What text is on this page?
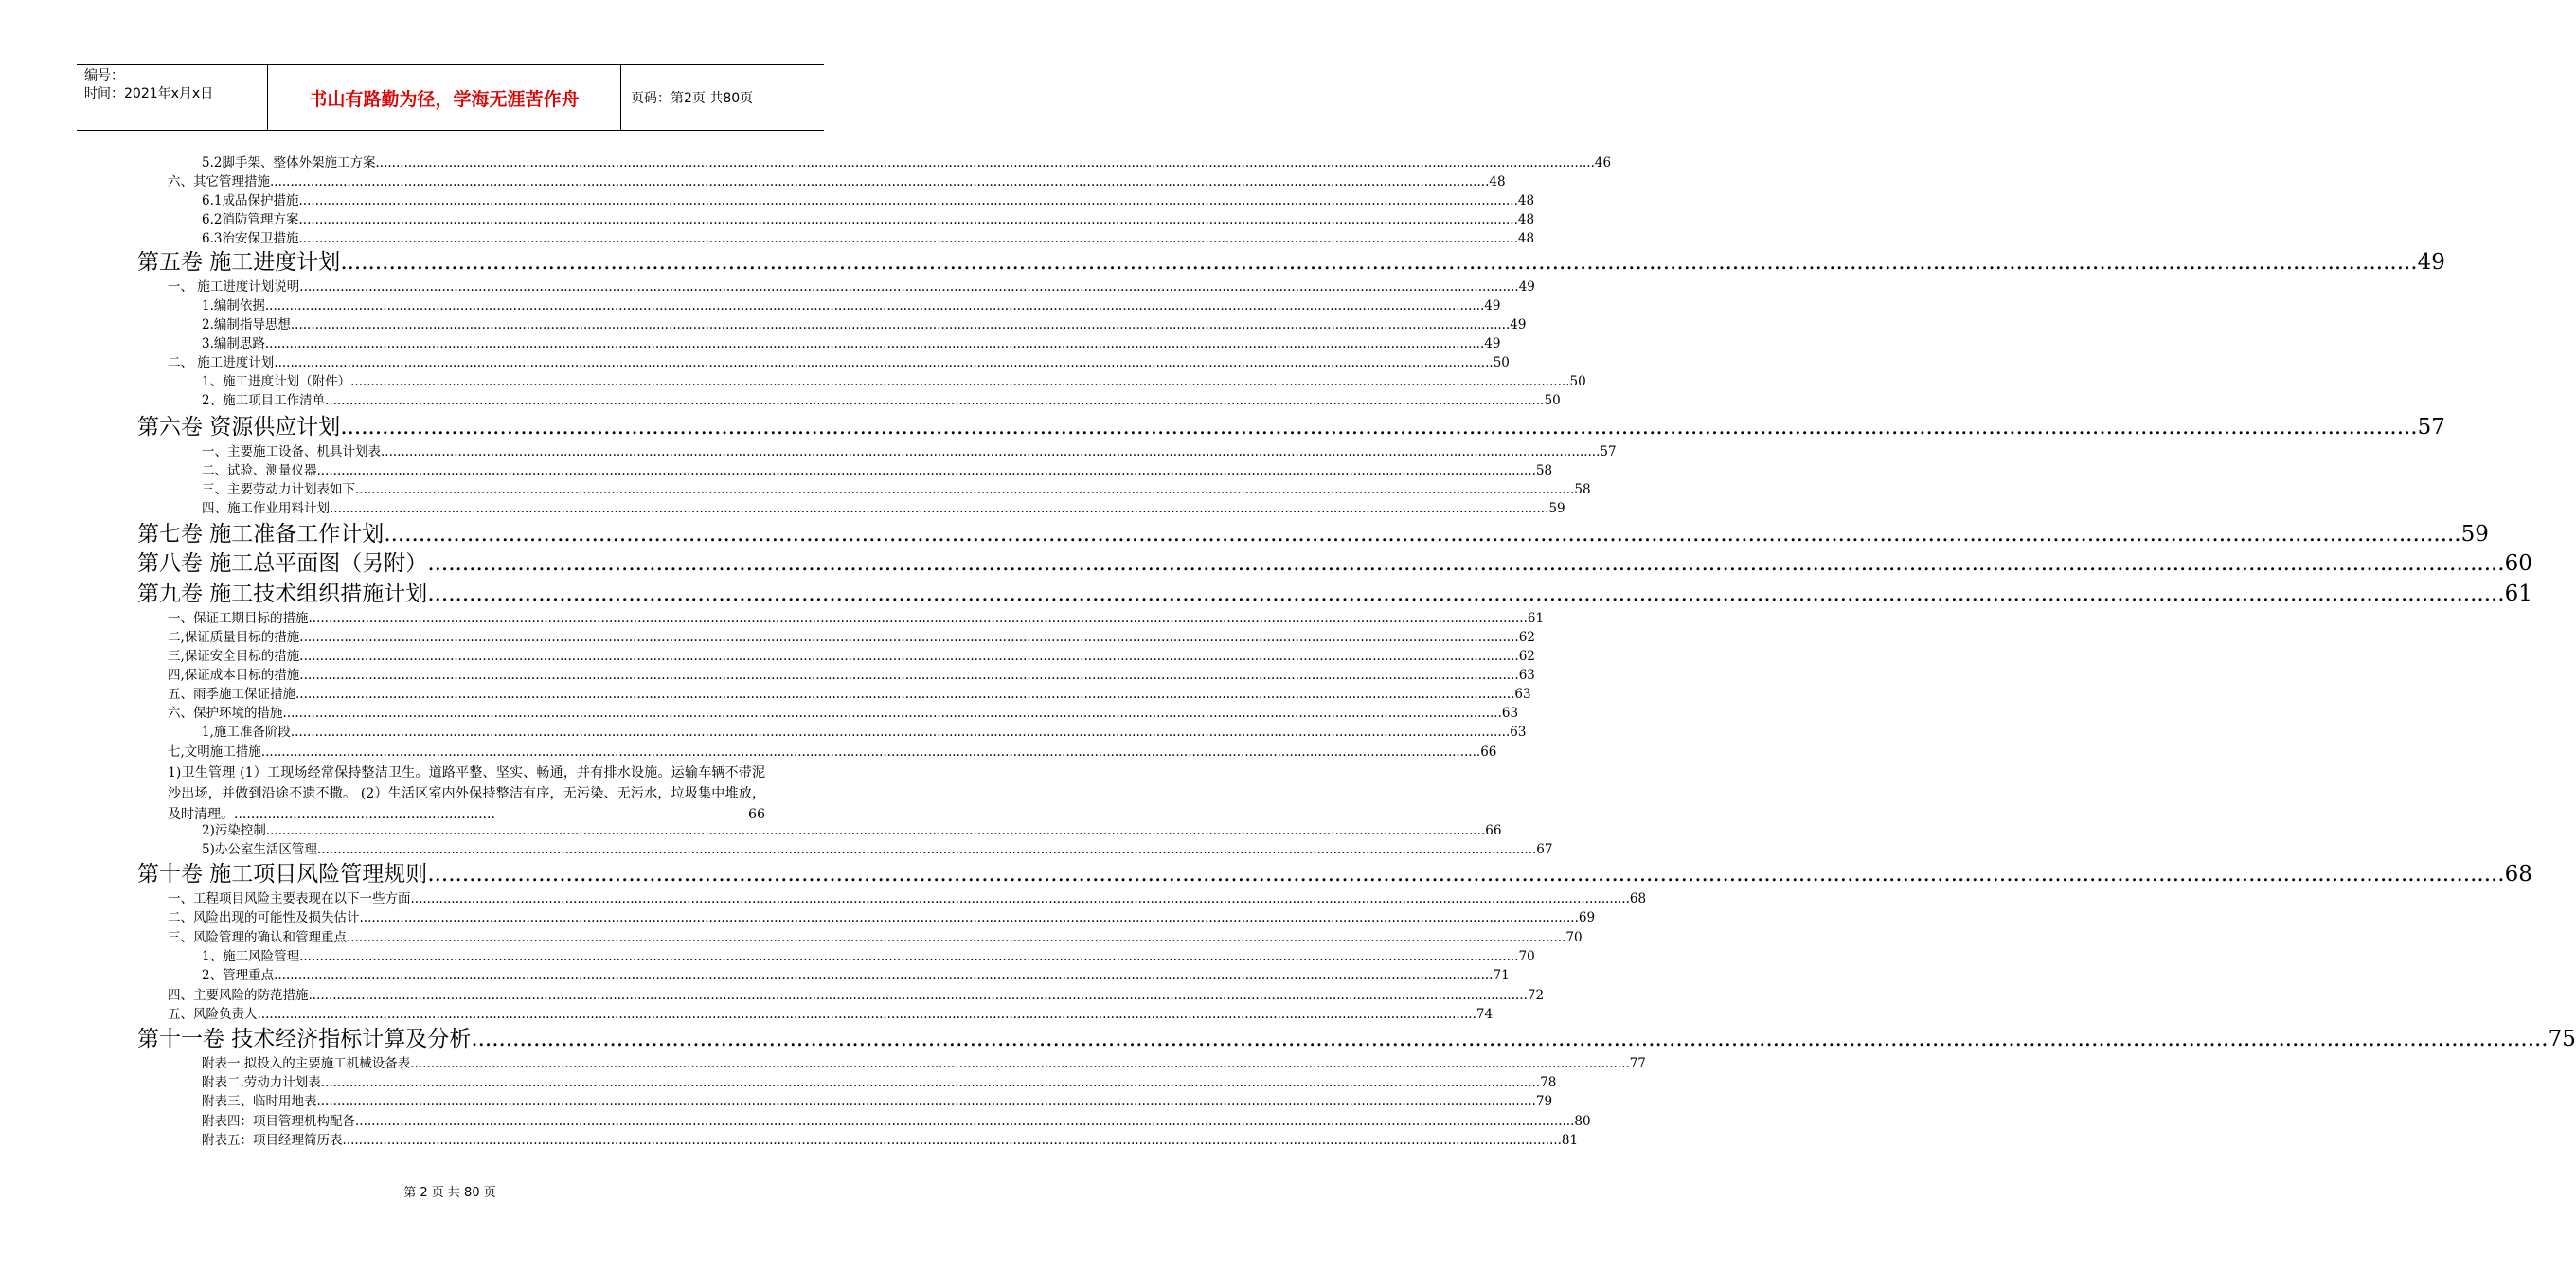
编号：
时间：2021年x月x日	书山有路勤为径，学海无涯苦作舟	页码：第2页 共80页
5.2脚手架、整体外架施工方案 ............................................................................................................................................................................................................................................................................................................ 46
六、其它管理措施 ............................................................................................................................................................................................................................................................................................................ 48
6.1成品保护措施 ............................................................................................................................................................................................................................................................................................................ 48
6.2消防管理方案 ............................................................................................................................................................................................................................................................................................................ 48
6.3治安保卫措施 ............................................................................................................................................................................................................................................................................................................ 48
第五卷 施工进度计划 ............................................................................................................................................................................................................................................................................................................ 49
一、 施工进度计划说明 ............................................................................................................................................................................................................................................................................................................ 49
1.编制依据 ............................................................................................................................................................................................................................................................................................................ 49
2.编制指导思想 ............................................................................................................................................................................................................................................................................................................ 49
3.编制思路 ............................................................................................................................................................................................................................................................................................................ 49
二、 施工进度计划 ............................................................................................................................................................................................................................................................................................................ 50
1、施工进度计划（附件） ............................................................................................................................................................................................................................................................................................................ 50
2、施工项目工作清单 ............................................................................................................................................................................................................................................................................................................ 50
第六卷 资源供应计划 ............................................................................................................................................................................................................................................................................................................ 57
一、主要施工设备、机具计划表 ............................................................................................................................................................................................................................................................................................................ 57
二、试验、测量仪器 ............................................................................................................................................................................................................................................................................................................ 58
三、主要劳动力计划表如下 ............................................................................................................................................................................................................................................................................................................ 58
四、施工作业用料计划 ............................................................................................................................................................................................................................................................................................................ 59
第七卷 施工准备工作计划 ............................................................................................................................................................................................................................................................................................................ 59
第八卷 施工总平面图（另附） ............................................................................................................................................................................................................................................................................................................ 60
第九卷 施工技术组织措施计划 ............................................................................................................................................................................................................................................................................................................ 61
一、保证工期目标的措施 ............................................................................................................................................................................................................................................................................................................ 61
二,保证质量目标的措施 ............................................................................................................................................................................................................................................................................................................ 62
三,保证安全目标的措施 ............................................................................................................................................................................................................................................................................................................ 62
四,保证成本目标的措施 ............................................................................................................................................................................................................................................................................................................ 63
五、雨季施工保证措施 ............................................................................................................................................................................................................................................................................................................ 63
六、保护环境的措施 ............................................................................................................................................................................................................................................................................................................ 63
1,施工准备阶段 ............................................................................................................................................................................................................................................................................................................ 63
七,文明施工措施 ............................................................................................................................................................................................................................................................................................................ 66
1)卫生管理 (1）工现场经常保持整洁卫生。道路平整、坚实、畅通，并有排水设施。运输车辆不带泥沙出场，并做到沿途不遗不撒。 (2）生活区室内外保持整洁有序，无污染、无污水，垃圾集中堆放，及时清理。..............................................................	66
2)污染控制 ............................................................................................................................................................................................................................................................................................................ 66
5)办公室生活区管理 ............................................................................................................................................................................................................................................................................................................ 67
第十卷 施工项目风险管理规则 ............................................................................................................................................................................................................................................................................................................ 68
一、工程项目风险主要表现在以下一些方面 ............................................................................................................................................................................................................................................................................................................ 68
二、风险出现的可能性及损失估计 ............................................................................................................................................................................................................................................................................................................ 69
三、风险管理的确认和管理重点 ............................................................................................................................................................................................................................................................................................................ 70
1、施工风险管理 ............................................................................................................................................................................................................................................................................................................ 70
2、管理重点 ............................................................................................................................................................................................................................................................................................................ 71
四、主要风险的防范措施 ............................................................................................................................................................................................................................................................................................................ 72
五、风险负责人 ............................................................................................................................................................................................................................................................................................................ 74
第十一卷 技术经济指标计算及分析 ............................................................................................................................................................................................................................................................................................................ 75
附表一.拟投入的主要施工机械设备表 ............................................................................................................................................................................................................................................................................................................ 77
附表二.劳动力计划表 ............................................................................................................................................................................................................................................................................................................ 78
附表三、临时用地表 ............................................................................................................................................................................................................................................................................................................ 79
附表四：项目管理机构配备 ............................................................................................................................................................................................................................................................................................................ 80
附表五：项目经理简历表 ............................................................................................................................................................................................................................................................................................................ 81
第 2 页 共 80 页
